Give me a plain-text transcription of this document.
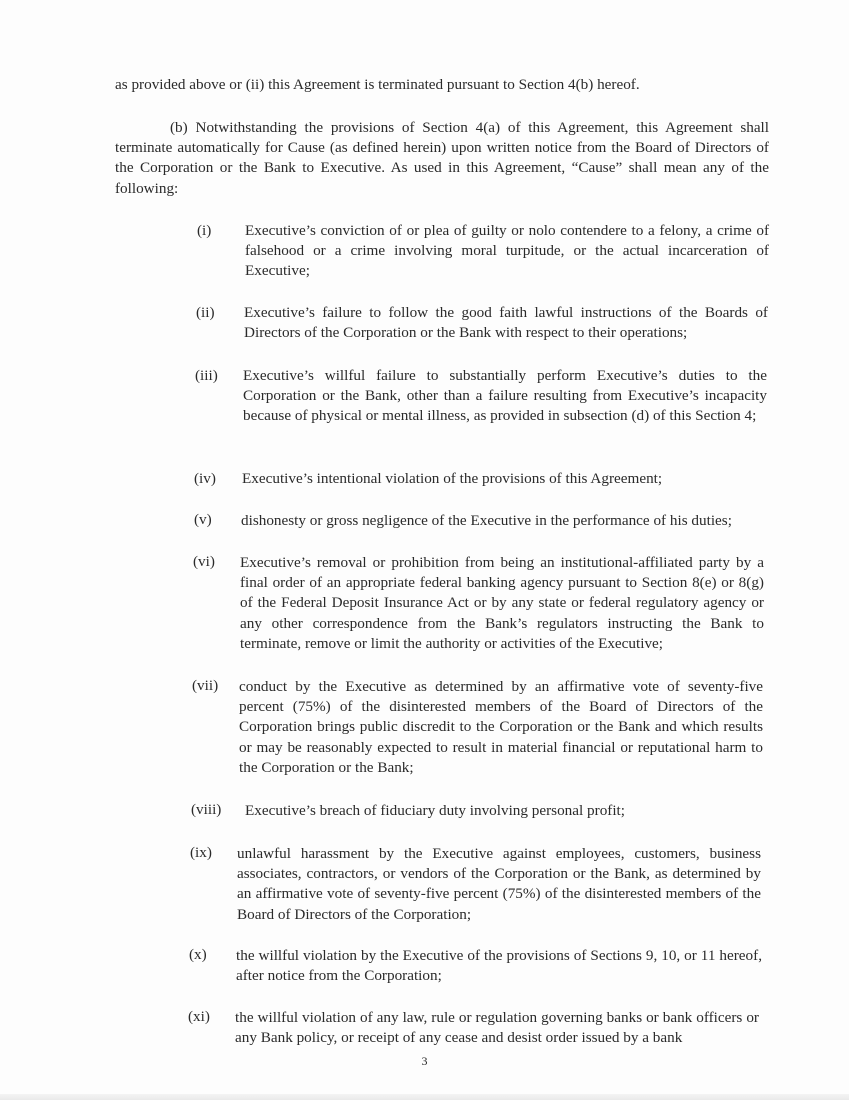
as provided above or (ii) this Agreement is terminated pursuant to Section 4(b) hereof.
(b) Notwithstanding the provisions of Section 4(a) of this Agreement, this Agreement shall terminate automatically for Cause (as defined herein) upon written notice from the Board of Directors of the Corporation or the Bank to Executive. As used in this Agreement, “Cause” shall mean any of the following:
(i) Executive’s conviction of or plea of guilty or nolo contendere to a felony, a crime of falsehood or a crime involving moral turpitude, or the actual incarceration of Executive;
(ii) Executive’s failure to follow the good faith lawful instructions of the Boards of Directors of the Corporation or the Bank with respect to their operations;
(iii) Executive’s willful failure to substantially perform Executive’s duties to the Corporation or the Bank, other than a failure resulting from Executive’s incapacity because of physical or mental illness, as provided in subsection (d) of this Section 4;
(iv) Executive’s intentional violation of the provisions of this Agreement;
(v) dishonesty or gross negligence of the Executive in the performance of his duties;
(vi) Executive’s removal or prohibition from being an institutional-affiliated party by a final order of an appropriate federal banking agency pursuant to Section 8(e) or 8(g) of the Federal Deposit Insurance Act or by any state or federal regulatory agency or any other correspondence from the Bank’s regulators instructing the Bank to terminate, remove or limit the authority or activities of the Executive;
(vii) conduct by the Executive as determined by an affirmative vote of seventy-five percent (75%) of the disinterested members of the Board of Directors of the Corporation brings public discredit to the Corporation or the Bank and which results or may be reasonably expected to result in material financial or reputational harm to the Corporation or the Bank;
(viii) Executive’s breach of fiduciary duty involving personal profit;
(ix) unlawful harassment by the Executive against employees, customers, business associates, contractors, or vendors of the Corporation or the Bank, as determined by an affirmative vote of seventy-five percent (75%) of the disinterested members of the Board of Directors of the Corporation;
(x) the willful violation by the Executive of the provisions of Sections 9, 10, or 11 hereof, after notice from the Corporation;
(xi) the willful violation of any law, rule or regulation governing banks or bank officers or any Bank policy, or receipt of any cease and desist order issued by a bank
3
